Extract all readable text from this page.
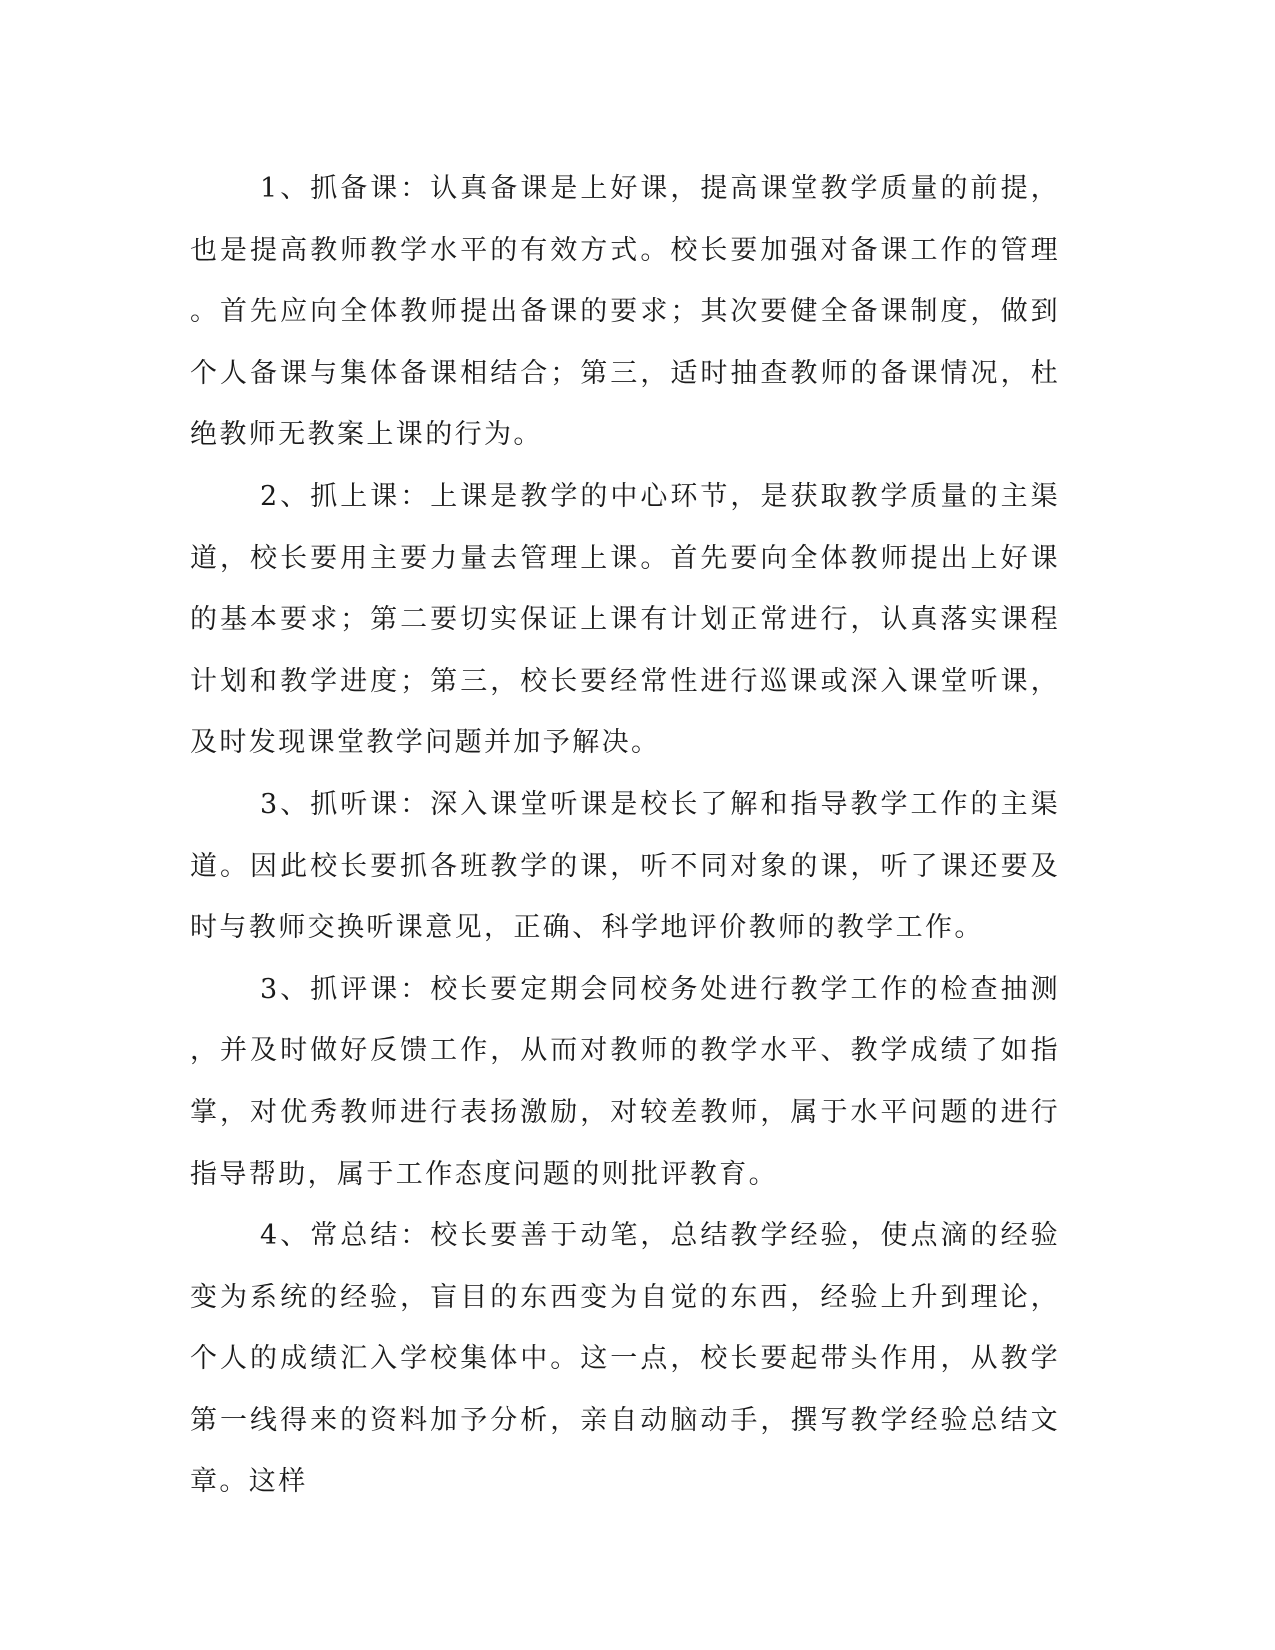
1、抓备课：认真备课是上好课，提高课堂教学质量的前提，也是提高教师教学水平的有效方式。校长要加强对备课工作的管理。首先应向全体教师提出备课的要求；其次要健全备课制度，做到个人备课与集体备课相结合；第三，适时抽查教师的备课情况，杜绝教师无教案上课的行为。

2、抓上课：上课是教学的中心环节，是获取教学质量的主渠道，校长要用主要力量去管理上课。首先要向全体教师提出上好课的基本要求；第二要切实保证上课有计划正常进行，认真落实课程计划和教学进度；第三，校长要经常性进行巡课或深入课堂听课，及时发现课堂教学问题并加予解决。

3、抓听课：深入课堂听课是校长了解和指导教学工作的主渠道。因此校长要抓各班教学的课，听不同对象的课，听了课还要及时与教师交换听课意见，正确、科学地评价教师的教学工作。

3、抓评课：校长要定期会同校务处进行教学工作的检查抽测，并及时做好反馈工作，从而对教师的教学水平、教学成绩了如指掌，对优秀教师进行表扬激励，对较差教师，属于水平问题的进行指导帮助，属于工作态度问题的则批评教育。

4、常总结：校长要善于动笔，总结教学经验，使点滴的经验变为系统的经验，盲目的东西变为自觉的东西，经验上升到理论，个人的成绩汇入学校集体中。这一点，校长要起带头作用，从教学第一线得来的资料加予分析，亲自动脑动手，撰写教学经验总结文章。这样
